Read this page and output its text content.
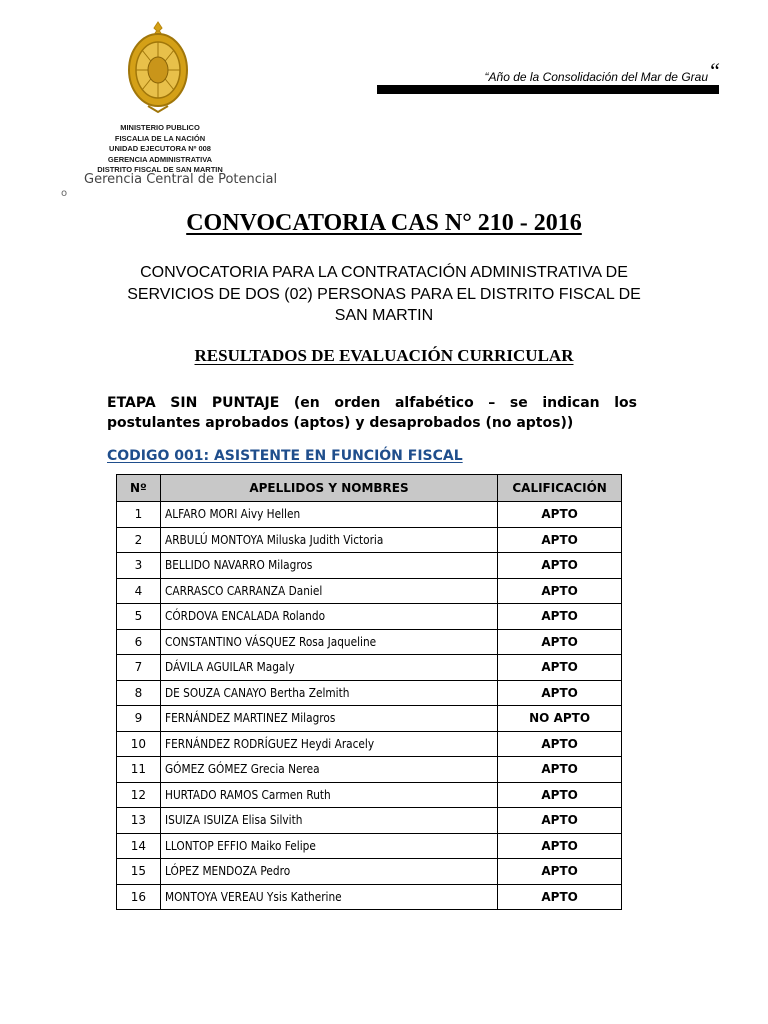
MINISTERIO PUBLICO
FISCALIA DE LA NACIÓN
UNIDAD EJECUTORA Nº 008
GERENCIA ADMINISTRATIVA
DISTRITO FISCAL DE SAN MARTIN
Gerencia Central de Potencial
o
“Año de la Consolidación del Mar de Grau “
CONVOCATORIA CAS N° 210 - 2016
CONVOCATORIA PARA LA CONTRATACIÓN ADMINISTRATIVA DE SERVICIOS DE DOS (02) PERSONAS PARA EL DISTRITO FISCAL DE SAN MARTIN
RESULTADOS DE EVALUACIÓN CURRICULAR
ETAPA SIN PUNTAJE (en orden alfabético – se indican los postulantes aprobados (aptos) y desaprobados (no aptos))
CODIGO 001: ASISTENTE EN FUNCIÓN FISCAL
Nº	APELLIDOS Y NOMBRES	CALIFICACIÓN
1	ALFARO MORI Aivy Hellen	APTO
2	ARBULÚ MONTOYA Miluska Judith Victoria	APTO
3	BELLIDO NAVARRO Milagros	APTO
4	CARRASCO CARRANZA Daniel	APTO
5	CÓRDOVA ENCALADA Rolando	APTO
6	CONSTANTINO VÁSQUEZ Rosa Jaqueline	APTO
7	DÁVILA AGUILAR Magaly	APTO
8	DE SOUZA CANAYO Bertha Zelmith	APTO
9	FERNÁNDEZ MARTINEZ Milagros	NO APTO
10	FERNÁNDEZ RODRÍGUEZ Heydi Aracely	APTO
11	GÓMEZ GÓMEZ Grecia Nerea	APTO
12	HURTADO RAMOS Carmen Ruth	APTO
13	ISUIZA ISUIZA Elisa Silvith	APTO
14	LLONTOP EFFIO Maiko Felipe	APTO
15	LÓPEZ MENDOZA Pedro	APTO
16	MONTOYA VEREAU Ysis Katherine	APTO
